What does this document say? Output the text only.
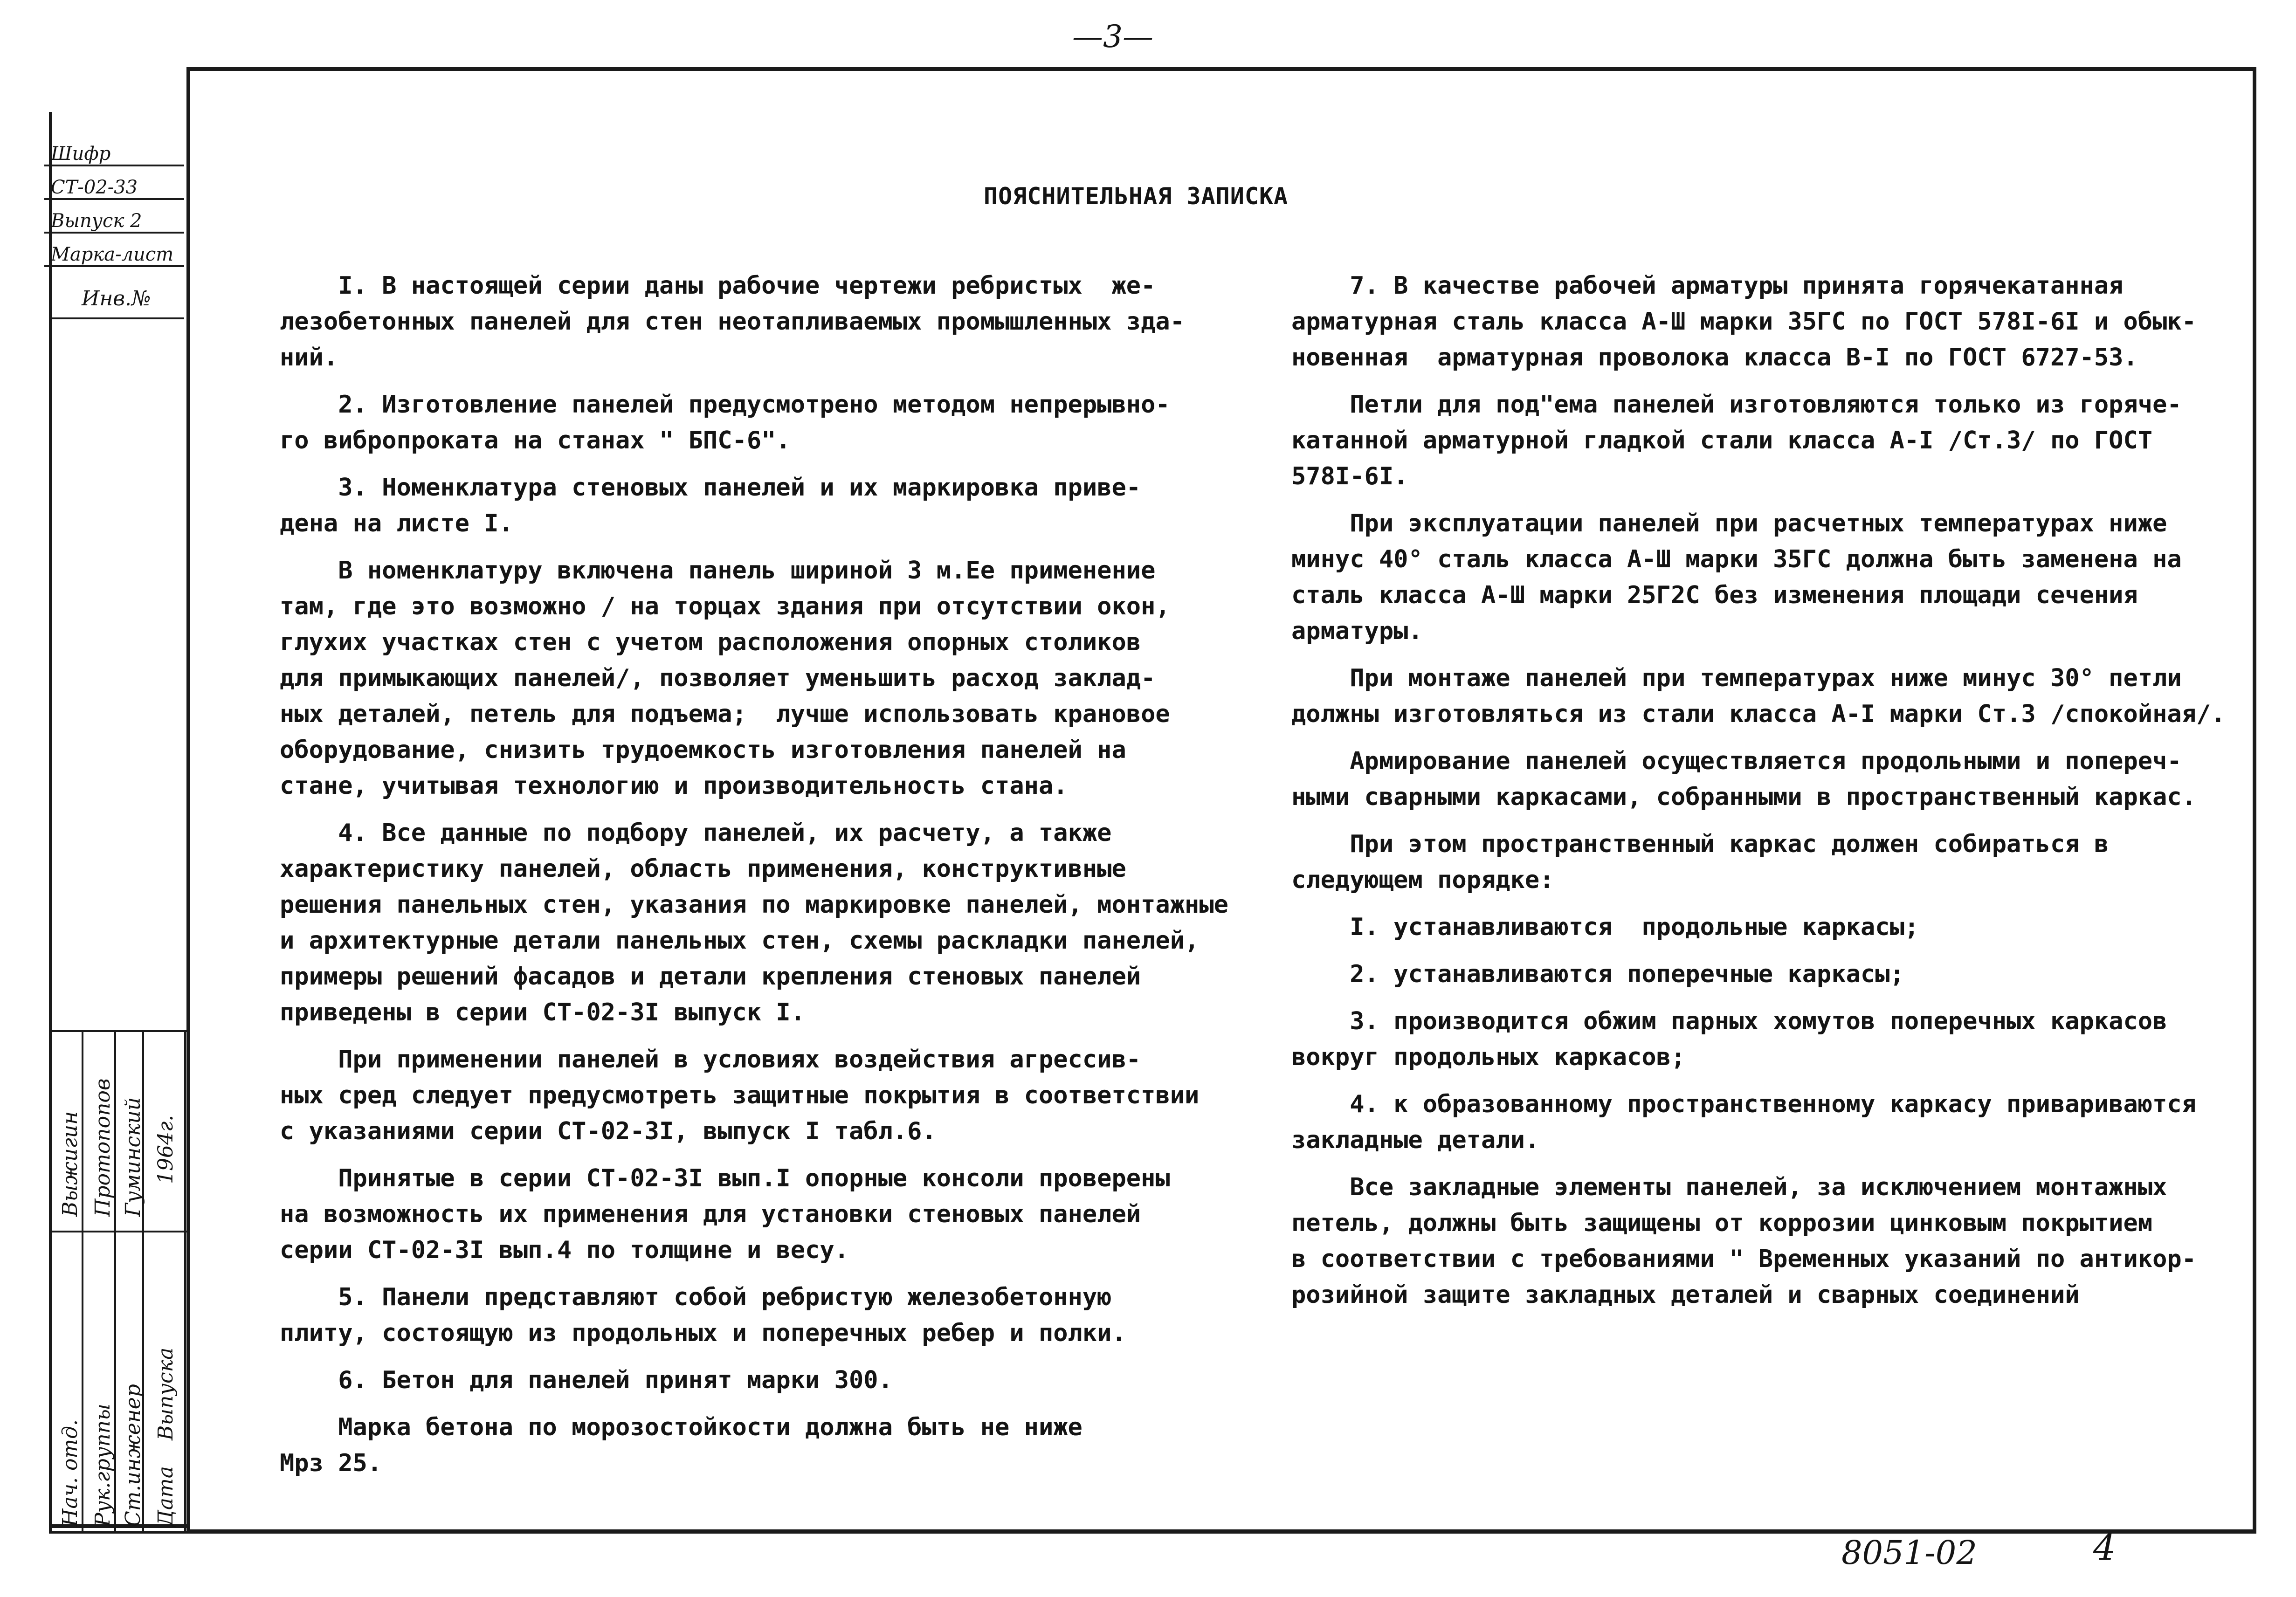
—3—
Шифр
СТ-02-33
Выпуск 2
Марка-лист
Инв.№
Нач. отд. Рук.группы Ст.инженер
Выжигин Протопопов Гуминский
Дата
Выпуска
1964г.
ПОЯСНИТЕЛЬНАЯ ЗАПИСКА

I. В настоящей серии даны рабочие чертежи ребристых  же-
лезобетонных панелей для стен неотапливаемых промышленных зда-
ний.

2. Изготовление панелей предусмотрено методом непрерывно-
го вибропроката на станах " БПС-6".

3. Номенклатура стеновых панелей и их маркировка приве-
дена на листе I.

В номенклатуру включена панель шириной 3 м.Ее применение
там, где это возможно / на торцах здания при отсутствии окон,
глухих участках стен с учетом расположения опорных столиков
для примыкающих панелей/, позволяет уменьшить расход заклад-
ных деталей, петель для подъема;  лучше использовать крановое
оборудование, снизить трудоемкость изготовления панелей на
стане, учитывая технологию и производительность стана.

4. Все данные по подбору панелей, их расчету, а также
характеристику панелей, область применения, конструктивные
решения панельных стен, указания по маркировке панелей, монтажные
и архитектурные детали панельных стен, схемы раскладки панелей,
примеры решений фасадов и детали крепления стеновых панелей
приведены в серии СТ-02-3I выпуск I.

При применении панелей в условиях воздействия агрессив-
ных сред следует предусмотреть защитные покрытия в соответствии
с указаниями серии СТ-02-3I, выпуск I табл.6.

Принятые в серии СТ-02-3I вып.I опорные консоли проверены
на возможность их применения для установки стеновых панелей
серии СТ-02-3I вып.4 по толщине и весу.

5. Панели представляют собой ребристую железобетонную
плиту, состоящую из продольных и поперечных ребер и полки.

6. Бетон для панелей принят марки 300.

Марка бетона по морозостойкости должна быть не ниже
Мрз 25.

7. В качестве рабочей арматуры принята горячекатанная
арматурная сталь класса А-Ш марки 35ГС по ГОСТ 578I-6I и обык-
новенная  арматурная проволока класса В-I по ГОСТ 6727-53.

Петли для под"ема панелей изготовляются только из горяче-
катанной арматурной гладкой стали класса А-I /Ст.3/ по ГОСТ
578I-6I.

При эксплуатации панелей при расчетных температурах ниже
минус 40° сталь класса А-Ш марки 35ГС должна быть заменена на
сталь класса А-Ш марки 25Г2С без изменения площади сечения
арматуры.

При монтаже панелей при температурах ниже минус 30° петли
должны изготовляться из стали класса А-I марки Ст.3 /спокойная/.

Армирование панелей осуществляется продольными и попереч-
ными сварными каркасами, собранными в пространственный каркас.

При этом пространственный каркас должен собираться в
следующем порядке:

I. устанавливаются  продольные каркасы;

2. устанавливаются поперечные каркасы;

3. производится обжим парных хомутов поперечных каркасов
вокруг продольных каркасов;

4. к образованному пространственному каркасу привариваются
закладные детали.

Все закладные элементы панелей, за исключением монтажных
петель, должны быть защищены от коррозии цинковым покрытием
в соответствии с требованиями " Временных указаний по антикор-
розийной защите закладных деталей и сварных соединений

8051-02	4
